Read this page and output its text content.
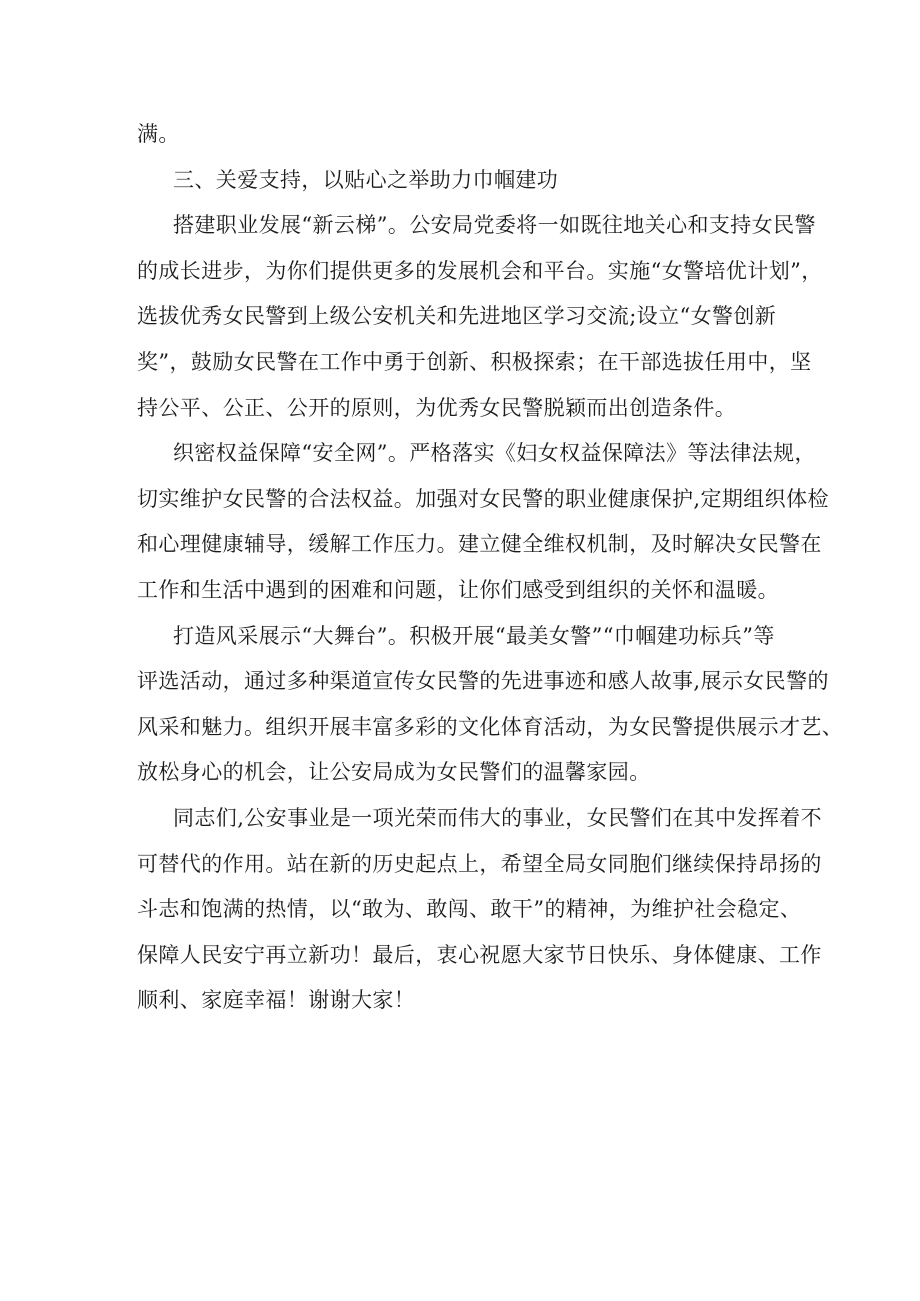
满。
三、关爱支持，以贴心之举助力巾帼建功
搭建职业发展“新云梯”。公安局党委将一如既往地关心和支持女民警
的成长进步，为你们提供更多的发展机会和平台。实施“女警培优计划”，
选拔优秀女民警到上级公安机关和先进地区学习交流;设立“女警创新
奖”，鼓励女民警在工作中勇于创新、积极探索；在干部选拔任用中，坚
持公平、公正、公开的原则，为优秀女民警脱颖而出创造条件。
织密权益保障“安全网”。严格落实《妇女权益保障法》等法律法规，
切实维护女民警的合法权益。加强对女民警的职业健康保护,定期组织体检
和心理健康辅导，缓解工作压力。建立健全维权机制，及时解决女民警在
工作和生活中遇到的困难和问题，让你们感受到组织的关怀和温暖。
打造风采展示“大舞台”。积极开展“最美女警”“巾帼建功标兵”等
评选活动，通过多种渠道宣传女民警的先进事迹和感人故事,展示女民警的
风采和魅力。组织开展丰富多彩的文化体育活动，为女民警提供展示才艺、
放松身心的机会，让公安局成为女民警们的温馨家园。
同志们,公安事业是一项光荣而伟大的事业，女民警们在其中发挥着不
可替代的作用。站在新的历史起点上，希望全局女同胞们继续保持昂扬的
斗志和饱满的热情，以“敢为、敢闯、敢干”的精神，为维护社会稳定、
保障人民安宁再立新功！最后，衷心祝愿大家节日快乐、身体健康、工作
顺利、家庭幸福！谢谢大家！
